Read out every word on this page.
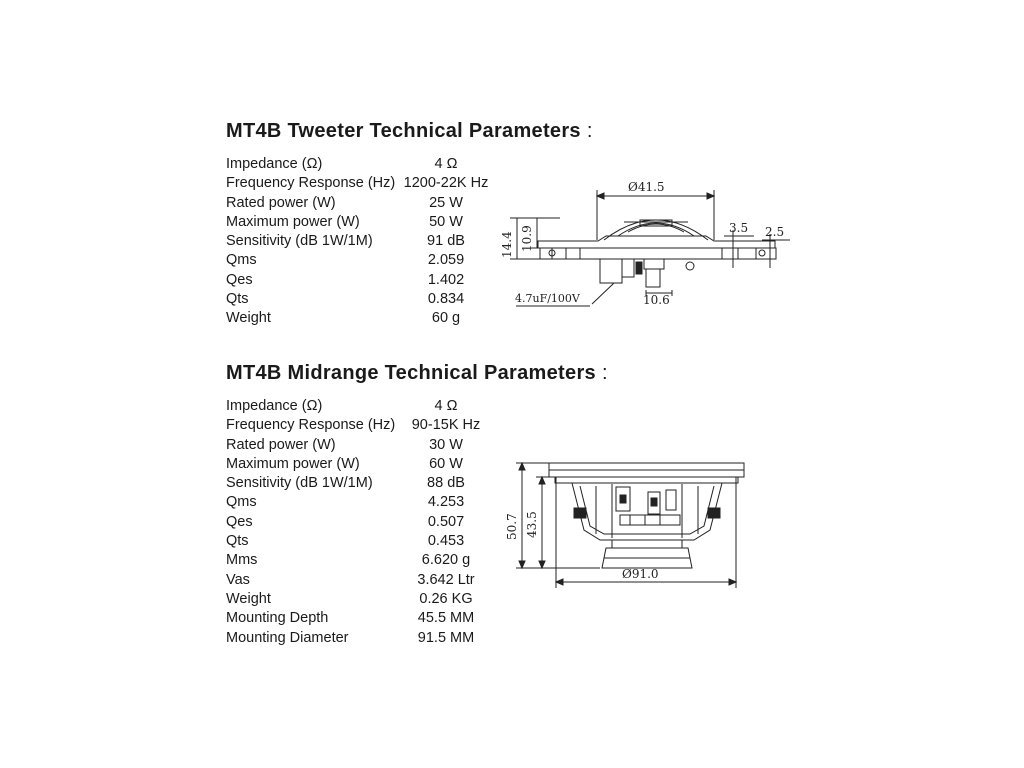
MT4B Tweeter Technical Parameters :
Impedance (Ω)	4 Ω
Frequency Response (Hz) 1200-22K Hz
Rated power (W)	25 W
Maximum power (W)	50 W
Sensitivity (dB 1W/1M)	91 dB
Qms	2.059
Qes	1.402
Qts	0.834
Weight	60 g
MT4B Midrange Technical Parameters :
Impedance (Ω)	4 Ω
Frequency Response (Hz) 90-15K Hz
Rated power (W)	30 W
Maximum power (W)	60 W
Sensitivity (dB 1W/1M)	88 dB
Qms	4.253
Qes	0.507
Qts	0.453
Mms	6.620 g
Vas	3.642 Ltr
Weight	0.26 KG
Mounting Depth	45.5 MM
Mounting Diameter	91.5 MM
Ø41.5
14.4 10.9	3.5 2.5
4.7uF/100V	10.6
50.7 43.5
Ø91.0
